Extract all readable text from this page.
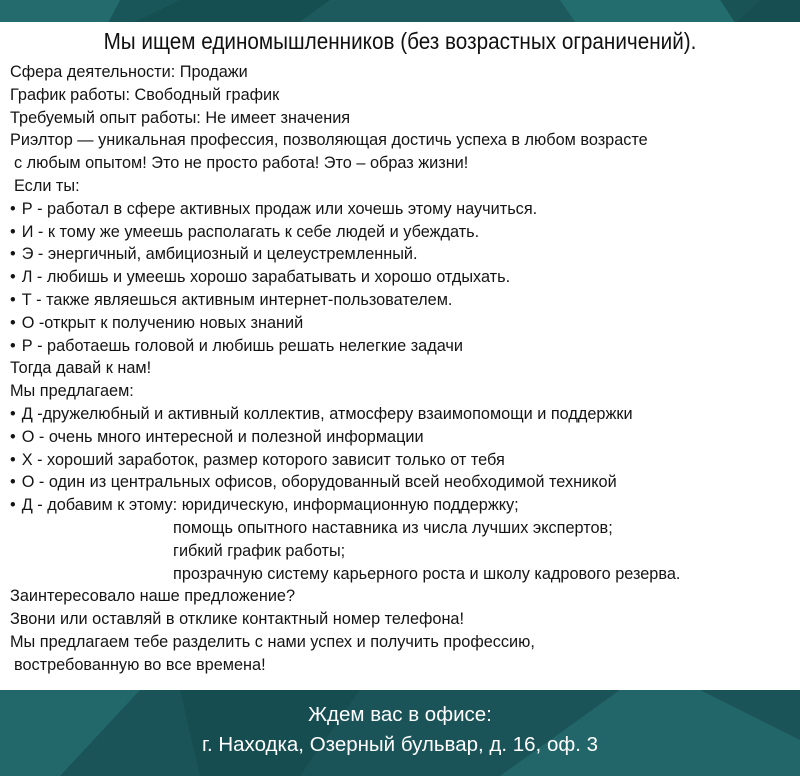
Мы ищем единомышленников (без возрастных ограничений).
Сфера деятельности: Продажи
График работы: Свободный график
Требуемый опыт работы: Не имеет значения
Риэлтор — уникальная профессия, позволяющая достичь успеха в любом возрасте
с любым опытом! Это не просто работа! Это – образ жизни!
Если ты:
• Р - работал в сфере активных продаж или хочешь этому научиться.
• И - к тому же умеешь располагать к себе людей и убеждать.
• Э - энергичный, амбициозный и целеустремленный.
• Л - любишь и умеешь хорошо зарабатывать и хорошо отдыхать.
• Т - также являешься активным интернет-пользователем.
• О -открыт к получению новых знаний
• Р - работаешь головой и любишь решать нелегкие задачи
Тогда давай к нам!
Мы предлагаем:
• Д -дружелюбный и активный коллектив, атмосферу взаимопомощи и поддержки
• О - очень много интересной и полезной информации
• Х - хороший заработок, размер которого зависит только от тебя
• О - один из центральных офисов, оборудованный всей необходимой техникой
• Д - добавим к этому: юридическую, информационную поддержку;
помощь опытного наставника из числа лучших экспертов;
гибкий график работы;
прозрачную систему карьерного роста и школу кадрового резерва.
Заинтересовало наше предложение?
Звони или оставляй в отклике контактный номер телефона!
Мы предлагаем тебе разделить с нами успех и получить профессию,
востребованную во все времена!
Ждем вас в офисе:
г. Находка, Озерный бульвар, д. 16, оф. 3
